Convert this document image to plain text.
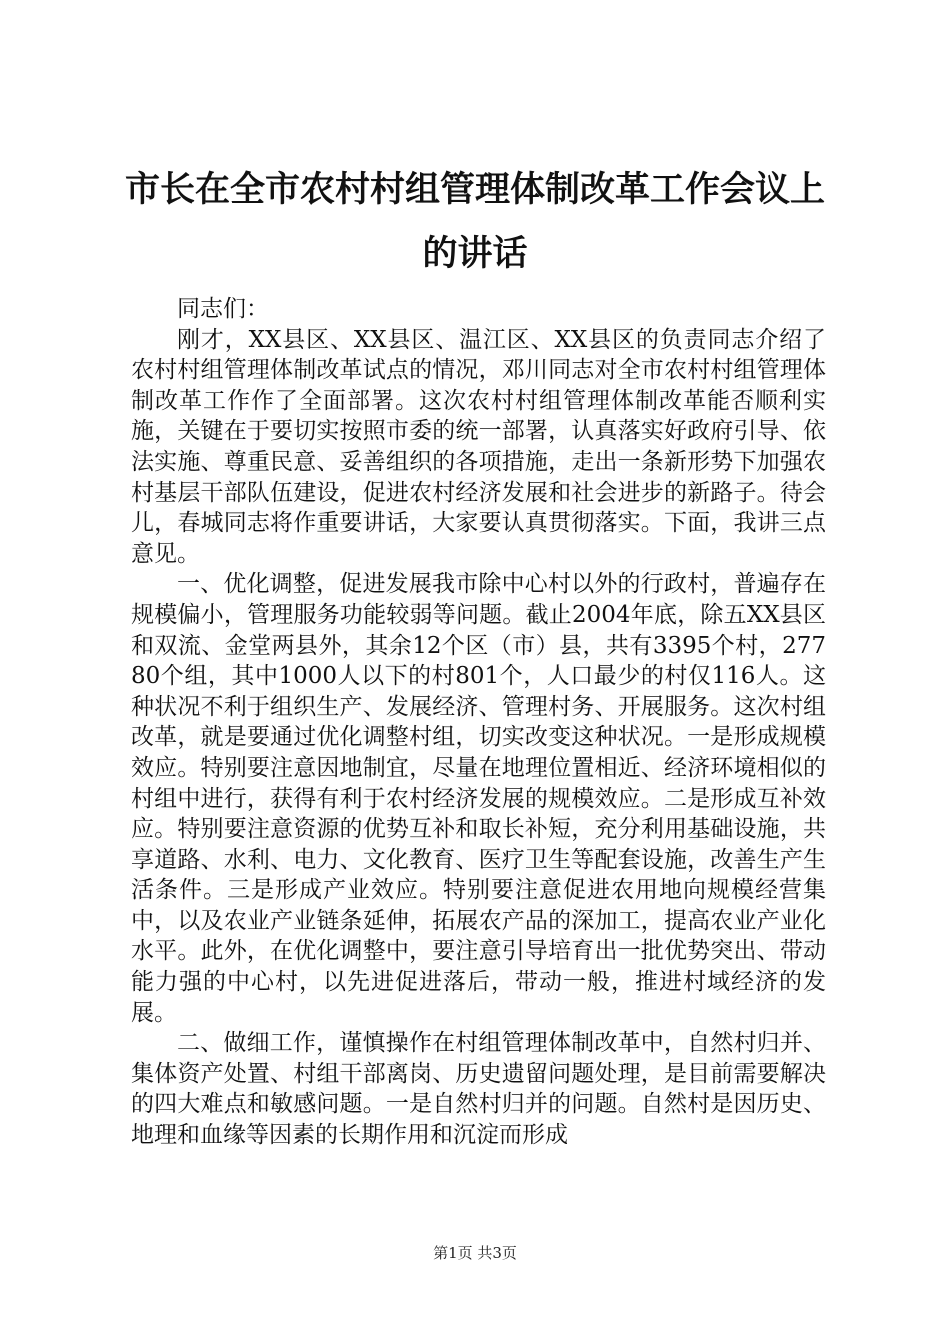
市长在全市农村村组管理体制改革工作会议上
的讲话

同志们：

刚才，XX县区、XX县区、温江区、XX县区的负责同志介绍了农村村组管理体制改革试点的情况，邓川同志对全市农村村组管理体制改革工作作了全面部署。这次农村村组管理体制改革能否顺利实施，关键在于要切实按照市委的统一部署，认真落实好政府引导、依法实施、尊重民意、妥善组织的各项措施，走出一条新形势下加强农村基层干部队伍建设，促进农村经济发展和社会进步的新路子。待会儿，春城同志将作重要讲话，大家要认真贯彻落实。下面，我讲三点意见。

一、优化调整，促进发展我市除中心村以外的行政村，普遍存在规模偏小，管理服务功能较弱等问题。截止2004年底，除五XX县区和双流、金堂两县外，其余12个区（市）县，共有3395个村，27780个组，其中1000人以下的村801个，人口最少的村仅116人。这种状况不利于组织生产、发展经济、管理村务、开展服务。这次村组改革，就是要通过优化调整村组，切实改变这种状况。一是形成规模效应。特别要注意因地制宜，尽量在地理位置相近、经济环境相似的村组中进行，获得有利于农村经济发展的规模效应。二是形成互补效应。特别要注意资源的优势互补和取长补短，充分利用基础设施，共享道路、水利、电力、文化教育、医疗卫生等配套设施，改善生产生活条件。三是形成产业效应。特别要注意促进农用地向规模经营集中，以及农业产业链条延伸，拓展农产品的深加工，提高农业产业化水平。此外，在优化调整中，要注意引导培育出一批优势突出、带动能力强的中心村，以先进促进落后，带动一般，推进村域经济的发展。

二、做细工作，谨慎操作在村组管理体制改革中，自然村归并、集体资产处置、村组干部离岗、历史遗留问题处理，是目前需要解决的四大难点和敏感问题。一是自然村归并的问题。自然村是因历史、地理和血缘等因素的长期作用和沉淀而形成

第1页 共3页
